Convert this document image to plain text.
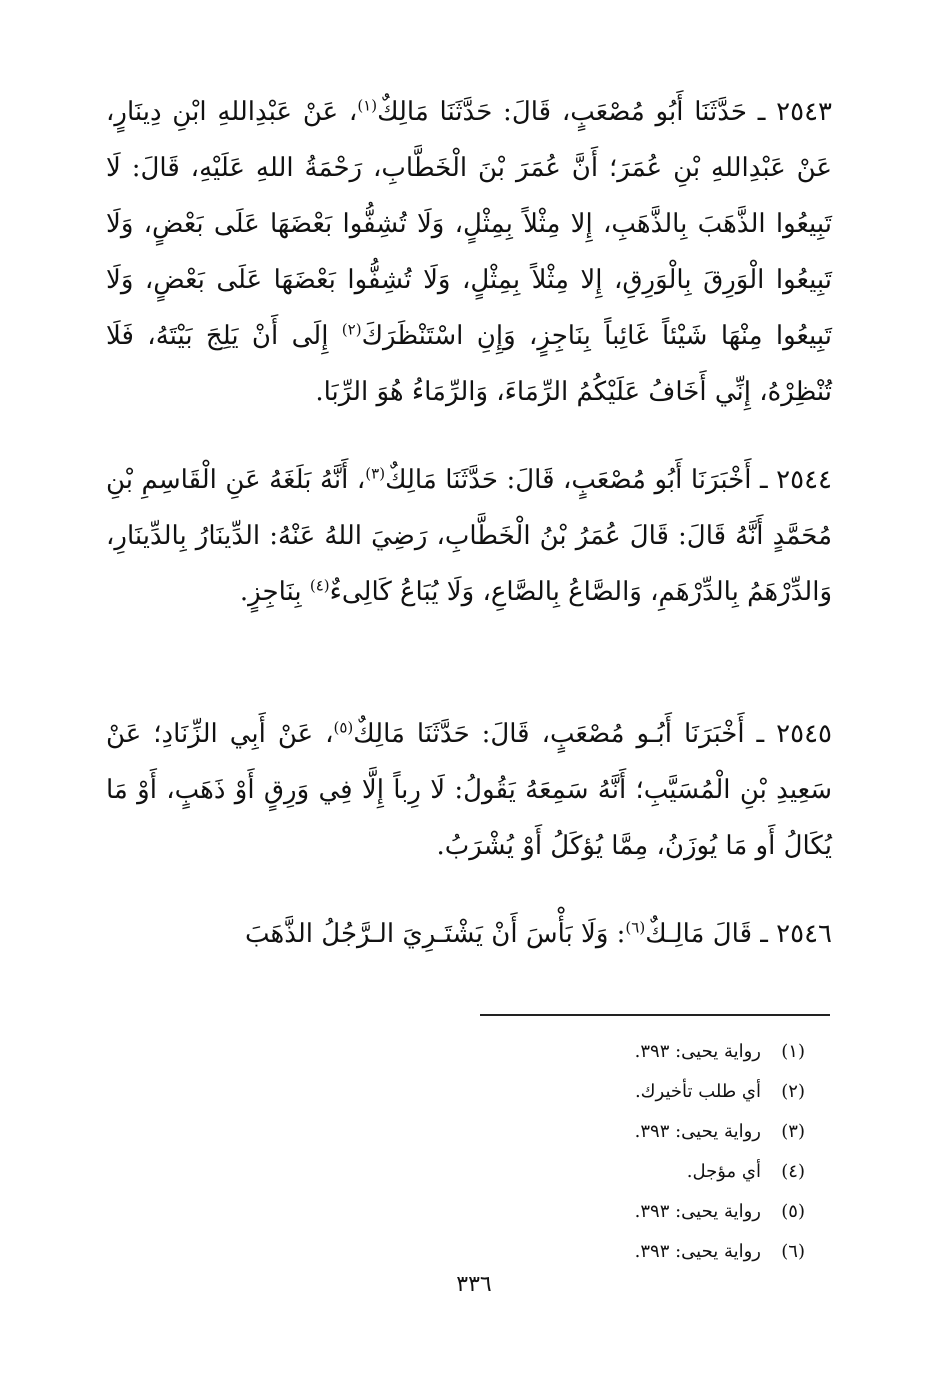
٢٥٤٣ ـ حَدَّثَنَا أَبُو مُصْعَبٍ، قَالَ: حَدَّثَنَا مَالِكٌ$^{(١)}$، عَنْ عَبْدِاللهِ ابْنِ دِينَارٍ، عَنْ عَبْدِاللهِ بْنِ عُمَرَ؛ أَنَّ عُمَرَ بْنَ الْخَطَّابِ، رَحْمَةُ اللهِ عَلَيْهِ، قَالَ: لَا تَبِيعُوا الذَّهَبَ بِالذَّهَبِ، إِلا مِثْلاً بِمِثْلٍ، وَلَا تُشِفُّوا بَعْضَهَا عَلَى بَعْضٍ، وَلَا تَبِيعُوا الْوَرِقَ بِالْوَرِقِ، إِلا مِثْلاً بِمِثْلٍ، وَلَا تُشِفُّوا بَعْضَهَا عَلَى بَعْضٍ، وَلَا تَبِيعُوا مِنْهَا شَيْئاً غَائِباً بِنَاجِزٍ، وَإِنِ اسْتَنْظَرَكَ$^{(٢)}$ إِلَى أَنْ يَلِجَ بَيْتَهُ، فَلَا تُنْظِرْهُ، إِنِّي أَخَافُ عَلَيْكُمُ الرِّمَاءَ، وَالرِّمَاءُ هُوَ الرِّبَا.

٢٥٤٤ ـ أَخْبَرَنَا أَبُو مُصْعَبٍ، قَالَ: حَدَّثَنَا مَالِكٌ$^{(٣)}$، أَنَّهُ بَلَغَهُ عَنِ الْقَاسِمِ بْنِ مُحَمَّدٍ أَنَّهُ قَالَ: قَالَ عُمَرُ بْنُ الْخَطَّابِ، رَضِيَ اللهُ عَنْهُ: الدِّينَارُ بِالدِّينَارِ، وَالدِّرْهَمُ بِالدِّرْهَمِ، وَالصَّاعُ بِالصَّاعِ، وَلَا يُبَاعُ كَالِىءٌ$^{(٤)}$ بِنَاجِزٍ.

٢٥٤٥ ـ أَخْبَرَنَا أَبُـو مُصْعَبٍ، قَالَ: حَدَّثَنَا مَالِكٌ$^{(٥)}$، عَنْ أَبِي الزِّنَادِ؛ عَنْ سَعِيدِ بْنِ الْمُسَيَّبِ؛ أَنَّهُ سَمِعَهُ يَقُولُ: لَا رِباً إِلَّا فِي وَرِقٍ أَوْ ذَهَبٍ، أَوْ مَا يُكَالُ أَو مَا يُوزَنُ، مِمَّا يُؤكَلُ أَوْ يُشْرَبُ.

٢٥٤٦ ـ قَالَ مَالِـكٌ$^{(٦)}$: وَلَا بَأْسَ أَنْ يَشْتَـرِيَ الـرَّجُلُ الذَّهَبَ

(١)رواية يحيى: ٣٩٣.
(٢)أي طلب تأخيرك.
(٣)رواية يحيى: ٣٩٣.
(٤)أي مؤجل.
(٥)رواية يحيى: ٣٩٣.
(٦)رواية يحيى: ٣٩٣.
٣٣٦
